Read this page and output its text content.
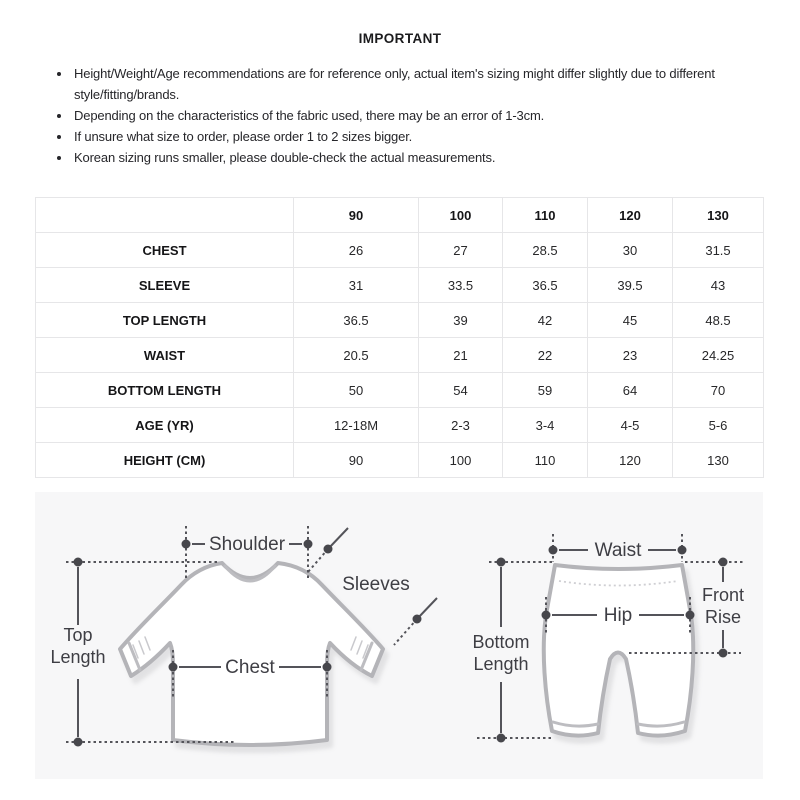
IMPORTANT
• Height/Weight/Age recommendations are for reference only, actual item's sizing might differ slightly due to different style/fitting/brands.
• Depending on the characteristics of the fabric used, there may be an error of 1-3cm.
• If unsure what size to order, please order 1 to 2 sizes bigger.
• Korean sizing runs smaller, please double-check the actual measurements.
	90	100	110	120	130
CHEST	26	27	28.5	30	31.5
SLEEVE	31	33.5	36.5	39.5	43
TOP LENGTH	36.5	39	42	45	48.5
WAIST	20.5	21	22	23	24.25
BOTTOM LENGTH	50	54	59	64	70
AGE (YR)	12-18M	2-3	3-4	4-5	5-6
HEIGHT (CM)	90	100	110	120	130
Shoulder
Sleeves
Top
Length	Chest
Waist
Hip
Bottom
Length
Front
Rise
